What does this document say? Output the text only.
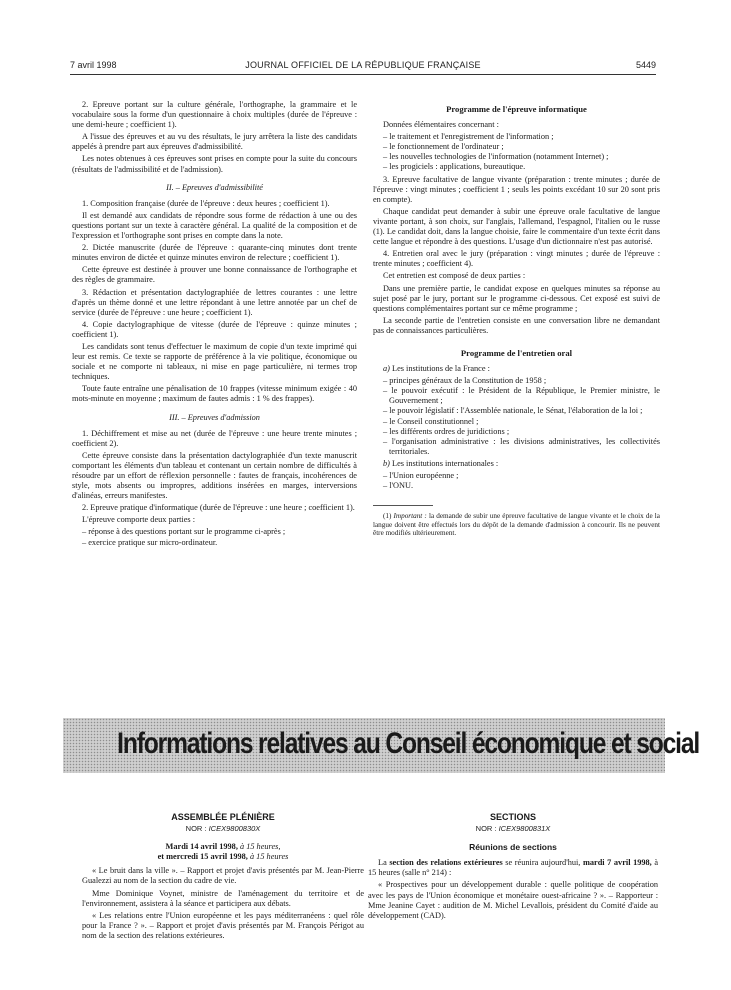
7 avril 1998	JOURNAL OFFICIEL DE LA RÉPUBLIQUE FRANÇAISE	5449

2. Epreuve portant sur la culture générale, l'orthographe, la grammaire et le vocabulaire sous la forme d'un questionnaire à choix multiples (durée de l'épreuve : une demi-heure ; coefficient 1).

A l'issue des épreuves et au vu des résultats, le jury arrêtera la liste des candidats appelés à prendre part aux épreuves d'admissibilité.

Les notes obtenues à ces épreuves sont prises en compte pour la suite du concours (résultats de l'admissibilité et de l'admission).

II. – Epreuves d'admissibilité

1. Composition française (durée de l'épreuve : deux heures ; coefficient 1).

Il est demandé aux candidats de répondre sous forme de rédaction à une ou des questions portant sur un texte à caractère général. La qualité de la composition et de l'expression et l'orthographe sont prises en compte dans la note.

2. Dictée manuscrite (durée de l'épreuve : quarante-cinq minutes dont trente minutes environ de dictée et quinze minutes environ de relecture ; coefficient 1).

Cette épreuve est destinée à prouver une bonne connaissance de l'orthographe et des règles de grammaire.

3. Rédaction et présentation dactylographiée de lettres courantes : une lettre d'après un thème donné et une lettre répondant à une lettre annotée par un chef de service (durée de l'épreuve : une heure ; coefficient 1).

4. Copie dactylographique de vitesse (durée de l'épreuve : quinze minutes ; coefficient 1).

Les candidats sont tenus d'effectuer le maximum de copie d'un texte imprimé qui leur est remis. Ce texte se rapporte de préférence à la vie politique, économique ou sociale et ne comporte ni tableaux, ni mise en page particulière, ni termes trop techniques.

Toute faute entraîne une pénalisation de 10 frappes (vitesse minimum exigée : 40 mots-minute en moyenne ; maximum de fautes admis : 1 % des frappes).

III. – Epreuves d'admission

1. Déchiffrement et mise au net (durée de l'épreuve : une heure trente minutes ; coefficient 2).

Cette épreuve consiste dans la présentation dactylographiée d'un texte manuscrit comportant les éléments d'un tableau et contenant un certain nombre de difficultés à résoudre par un effort de réflexion personnelle : fautes de français, incohérences de style, mots absents ou impropres, additions insérées en marges, interversions d'alinéas, erreurs manifestes.

2. Epreuve pratique d'informatique (durée de l'épreuve : une heure ; coefficient 1).

L'épreuve comporte deux parties :

– réponse à des questions portant sur le programme ci-après ;
– exercice pratique sur micro-ordinateur.
Programme de l'épreuve informatique

Données élémentaires concernant :

– le traitement et l'enregistrement de l'information ;
– le fonctionnement de l'ordinateur ;
– les nouvelles technologies de l'information (notamment Internet) ;
– les progiciels : applications, bureautique.

3. Epreuve facultative de langue vivante (préparation : trente minutes ; durée de l'épreuve : vingt minutes ; coefficient 1 ; seuls les points excédant 10 sur 20 sont pris en compte).

Chaque candidat peut demander à subir une épreuve orale facultative de langue vivante portant, à son choix, sur l'anglais, l'allemand, l'espagnol, l'italien ou le russe (1). Le candidat doit, dans la langue choisie, faire le commentaire d'un texte écrit dans cette langue et répondre à des questions. L'usage d'un dictionnaire n'est pas autorisé.

4. Entretien oral avec le jury (préparation : vingt minutes ; durée de l'épreuve : trente minutes ; coefficient 4).

Cet entretien est composé de deux parties :

Dans une première partie, le candidat expose en quelques minutes sa réponse au sujet posé par le jury, portant sur le programme ci-dessous. Cet exposé est suivi de questions complémentaires portant sur ce même programme ;

La seconde partie de l'entretien consiste en une conversation libre ne demandant pas de connaissances particulières.

Programme de l'entretien oral

a) Les institutions de la France :

– principes généraux de la Constitution de 1958 ;
– le pouvoir exécutif : le Président de la République, le Premier ministre, le Gouvernement ;
– le pouvoir législatif : l'Assemblée nationale, le Sénat, l'élaboration de la loi ;
– le Conseil constitutionnel ;
– les différents ordres de juridictions ;
– l'organisation administrative : les divisions administratives, les collectivités territoriales.

b) Les institutions internationales :

– l'Union européenne ;
– l'ONU.

(1) Important : la demande de subir une épreuve facultative de langue vivante et le choix de la langue doivent être effectués lors du dépôt de la demande d'admission à concourir. Ils ne peuvent être modifiés ultérieurement.

Informations relatives au Conseil économique et social
ASSEMBLÉE PLÉNIÈRE
NOR : ICEX9800830X
Mardi 14 avril 1998, à 15 heures,
et mercredi 15 avril 1998, à 15 heures

« Le bruit dans la ville ». – Rapport et projet d'avis présentés par M. Jean-Pierre Gualezzi au nom de la section du cadre de vie.

Mme Dominique Voynet, ministre de l'aménagement du territoire et de l'environnement, assistera à la séance et participera aux débats.

« Les relations entre l'Union européenne et les pays méditerranéens : quel rôle pour la France ? ». – Rapport et projet d'avis présentés par M. François Périgot au nom de la section des relations extérieures.

SECTIONS
NOR : ICEX9800831X
Réunions de sections

La section des relations extérieures se réunira aujourd'hui, mardi 7 avril 1998, à 15 heures (salle n° 214) :

« Prospectives pour un développement durable : quelle politique de coopération avec les pays de l'Union économique et monétaire ouest-africaine ? ». – Rapporteur : Mme Jeanine Cayet : audition de M. Michel Levallois, président du Comité d'aide au développement (CAD).
